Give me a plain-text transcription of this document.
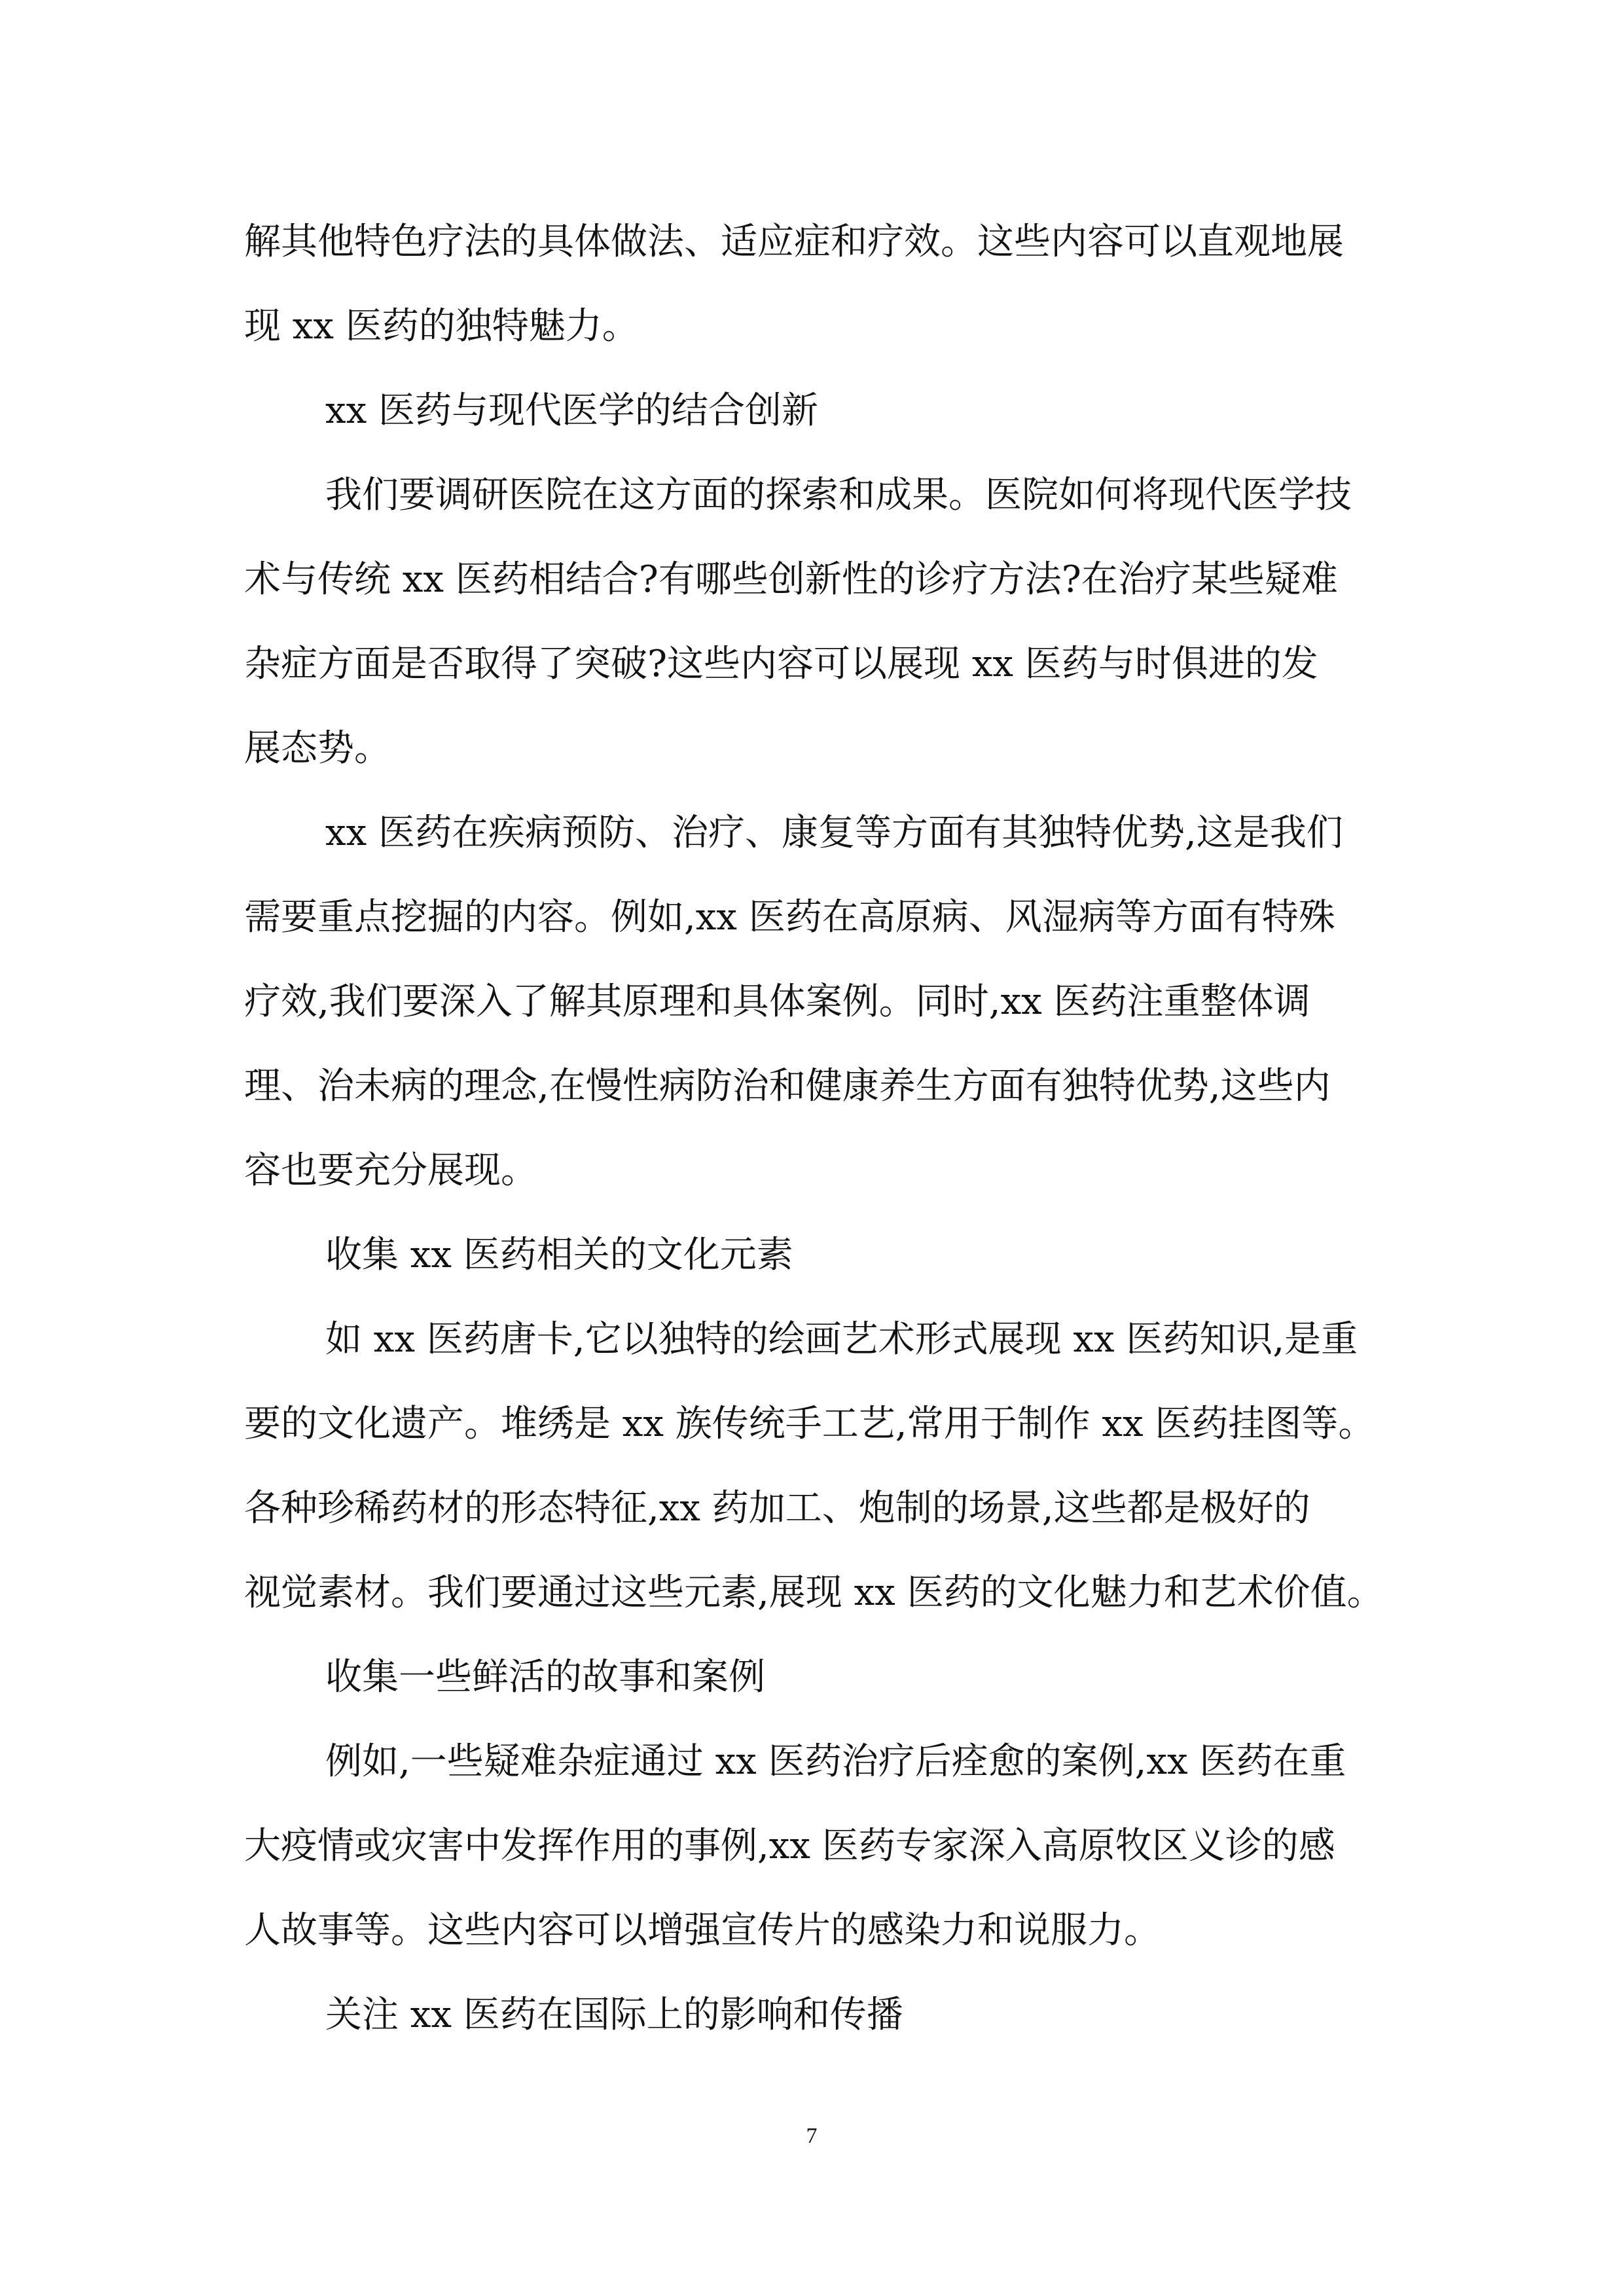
解其他特色疗法的具体做法、适应症和疗效。这些内容可以直观地展
现 xx 医药的独特魅力。
xx 医药与现代医学的结合创新
我们要调研医院在这方面的探索和成果。医院如何将现代医学技
术与传统 xx 医药相结合?有哪些创新性的诊疗方法?在治疗某些疑难
杂症方面是否取得了突破?这些内容可以展现 xx 医药与时俱进的发
展态势。
xx 医药在疾病预防、治疗、康复等方面有其独特优势,这是我们
需要重点挖掘的内容。例如,xx 医药在高原病、风湿病等方面有特殊
疗效,我们要深入了解其原理和具体案例。同时,xx 医药注重整体调
理、治未病的理念,在慢性病防治和健康养生方面有独特优势,这些内
容也要充分展现。
收集 xx 医药相关的文化元素
如 xx 医药唐卡,它以独特的绘画艺术形式展现 xx 医药知识,是重
要的文化遗产。堆绣是 xx 族传统手工艺,常用于制作 xx 医药挂图等。
各种珍稀药材的形态特征,xx 药加工、炮制的场景,这些都是极好的
视觉素材。我们要通过这些元素,展现 xx 医药的文化魅力和艺术价值。
收集一些鲜活的故事和案例
例如,一些疑难杂症通过 xx 医药治疗后痊愈的案例,xx 医药在重
大疫情或灾害中发挥作用的事例,xx 医药专家深入高原牧区义诊的感
人故事等。这些内容可以增强宣传片的感染力和说服力。
关注 xx 医药在国际上的影响和传播
7
